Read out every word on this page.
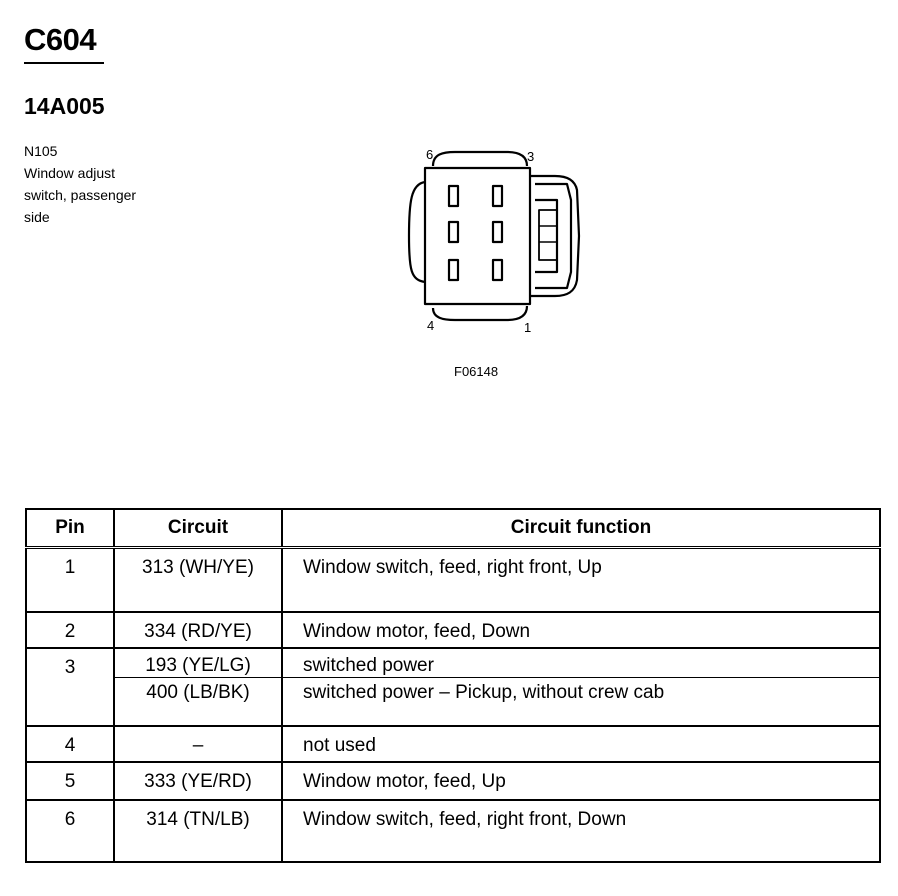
C604
14A005
N105
Window adjust
switch, passenger
side
6	3
4	1
F06148
Pin	Circuit	Circuit function

1	313 (WH/YE)	Window switch, feed, right front, Up

2	334 (RD/YE)	Window motor, feed, Down

3	193 (YE/LG)	switched power

	400 (LB/BK)	switched power – Pickup, without crew cab

4	–	not used

5	333 (YE/RD)	Window motor, feed, Up

6	314 (TN/LB)	Window switch, feed, right front, Down
